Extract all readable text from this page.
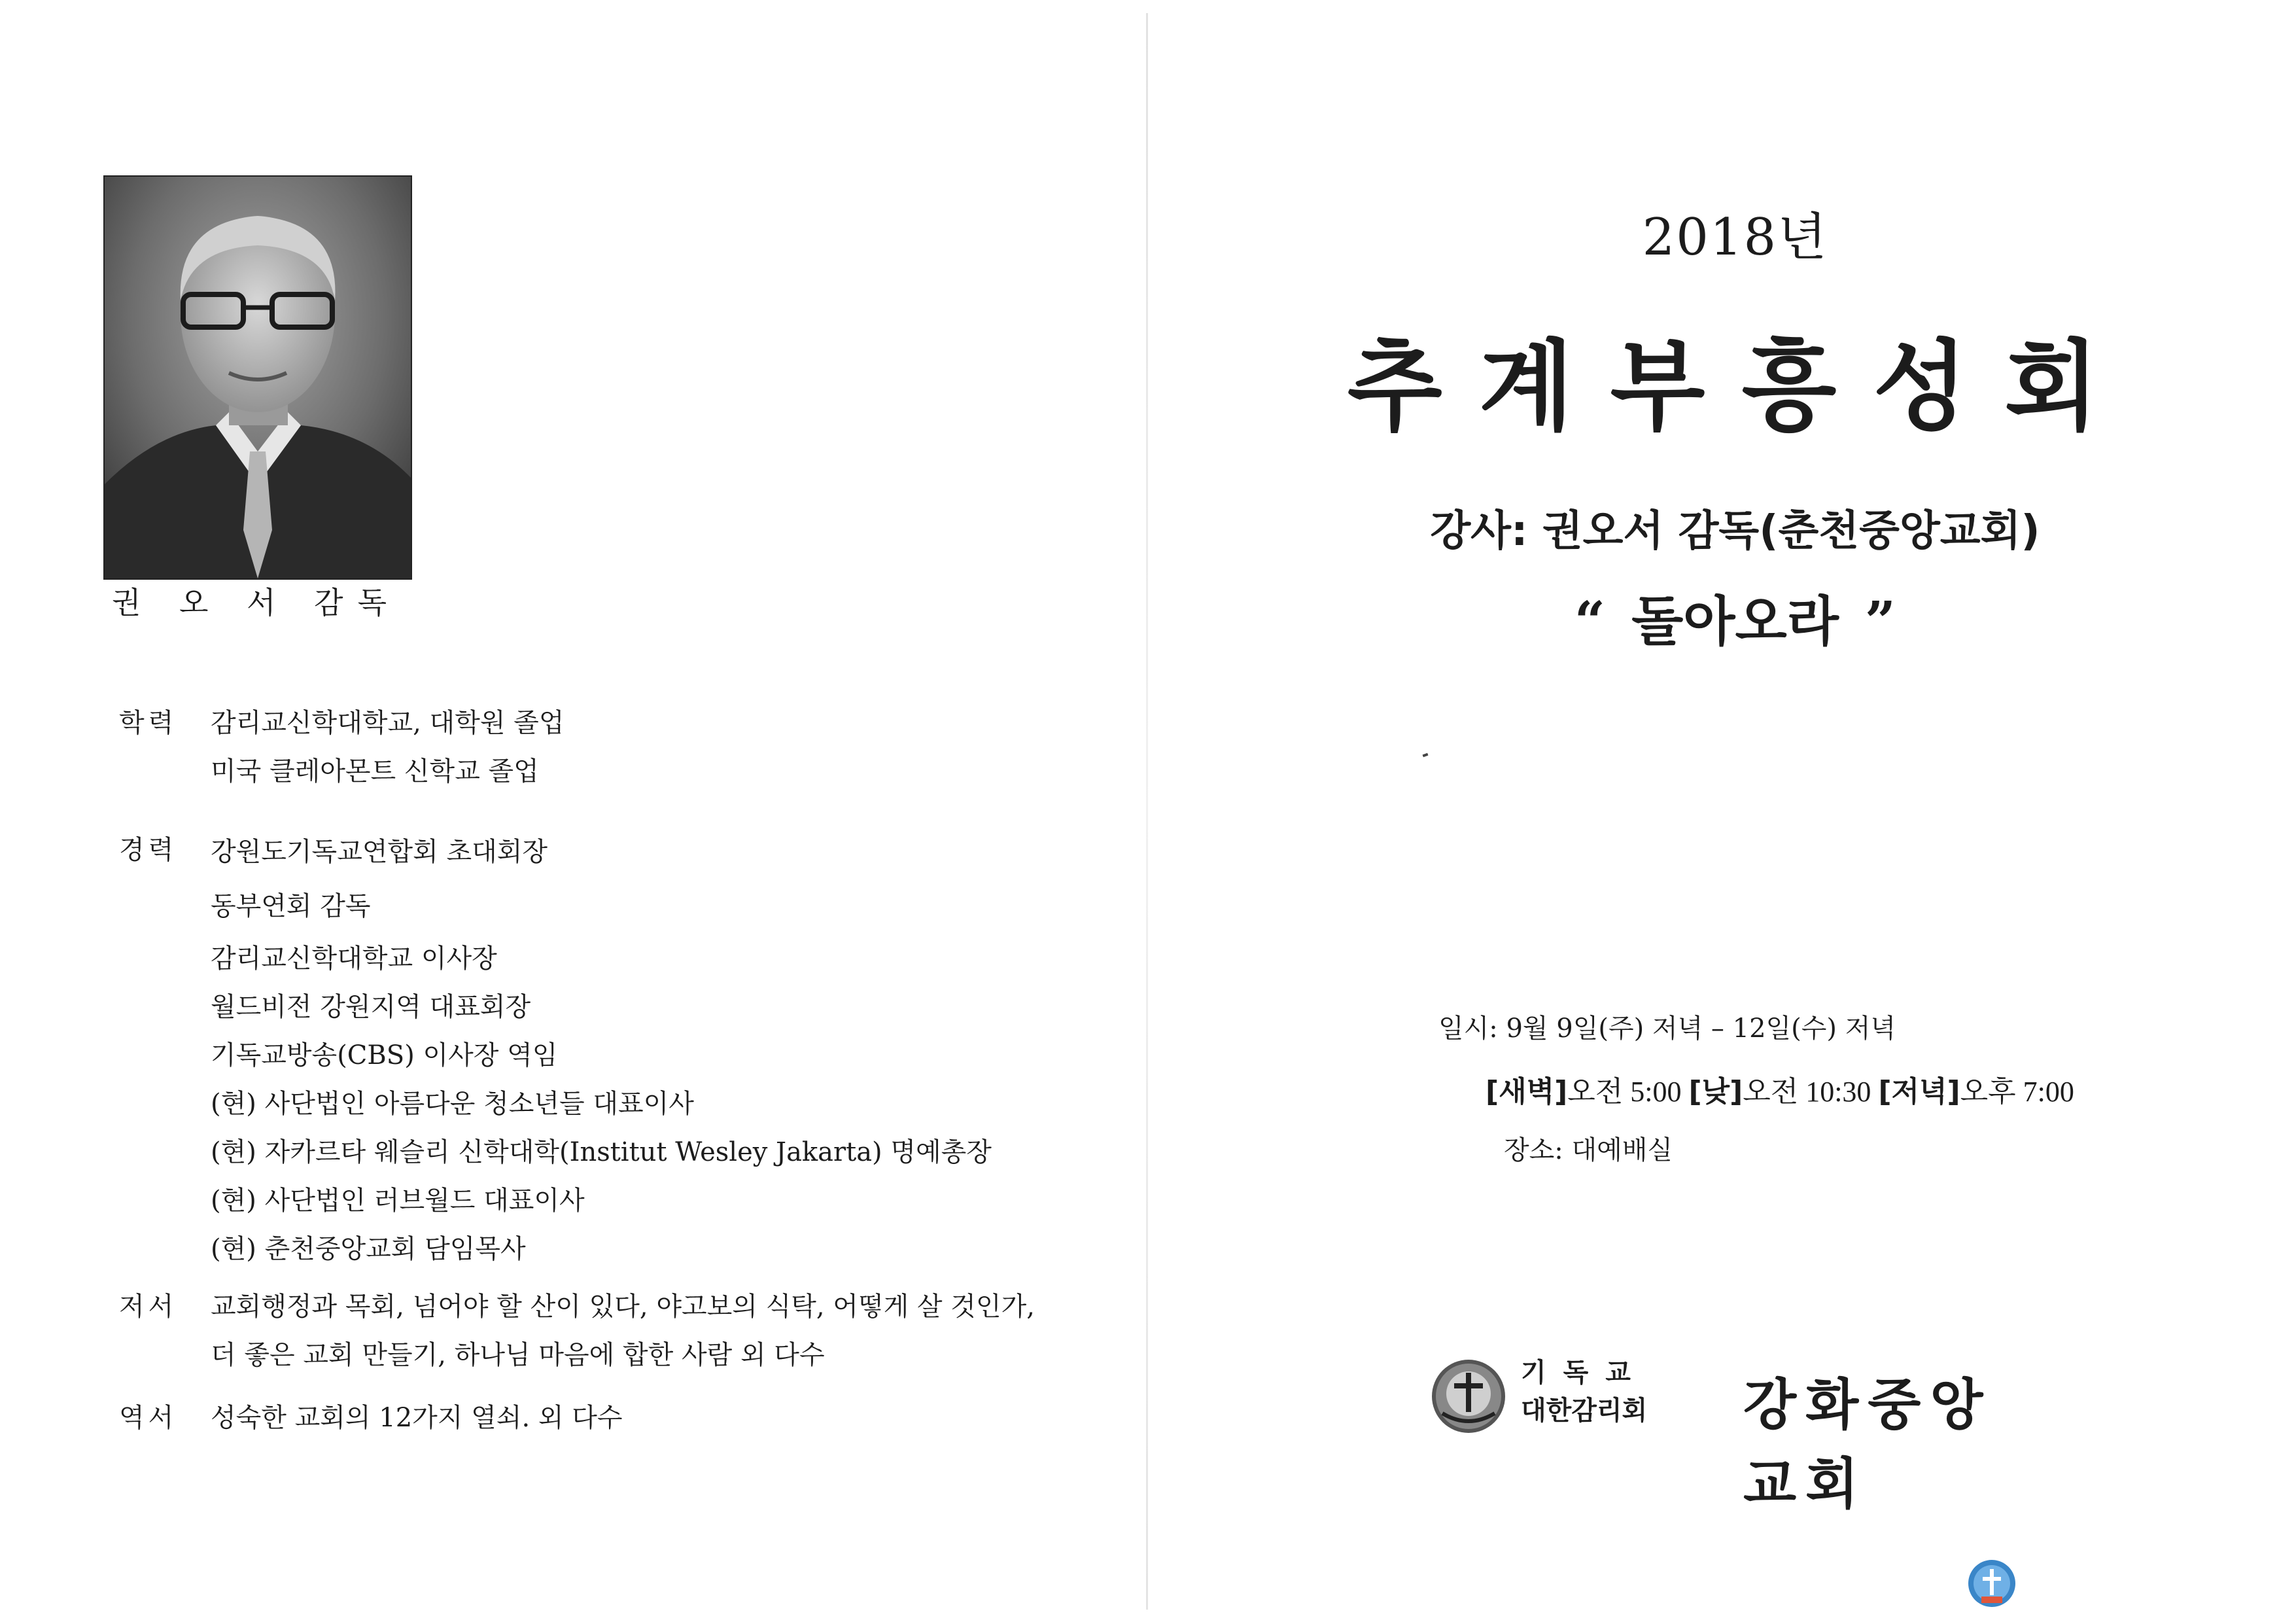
권 오 서 감독
학력	감리교신학대학교, 대학원 졸업
미국 클레아몬트 신학교 졸업
경력	강원도기독교연합회 초대회장
동부연회 감독
감리교신학대학교 이사장
월드비전 강원지역 대표회장
기독교방송(CBS) 이사장 역임
(현) 사단법인 아름다운 청소년들 대표이사
(현) 자카르타 웨슬리 신학대학(Institut Wesley Jakarta) 명예총장
(현) 사단법인 러브월드 대표이사
(현) 춘천중앙교회 담임목사
저서	교회행정과 목회, 넘어야 할 산이 있다, 야고보의 식탁, 어떻게 살 것인가,
더 좋은 교회 만들기, 하나님 마음에 합한 사람 외 다수
역서	성숙한 교회의 12가지 열쇠. 외 다수
2018년
추계부흥성회
강사: 권오서 감독(춘천중앙교회)
“ 돌아오라 ”
일시: 9월 9일(주) 저녁 – 12일(수) 저녁
[새벽]오전 5:00 [낮]오전 10:30 [저녁]오후 7:00
장소: 대예배실
기독교
대한감리회 강화중앙교회
